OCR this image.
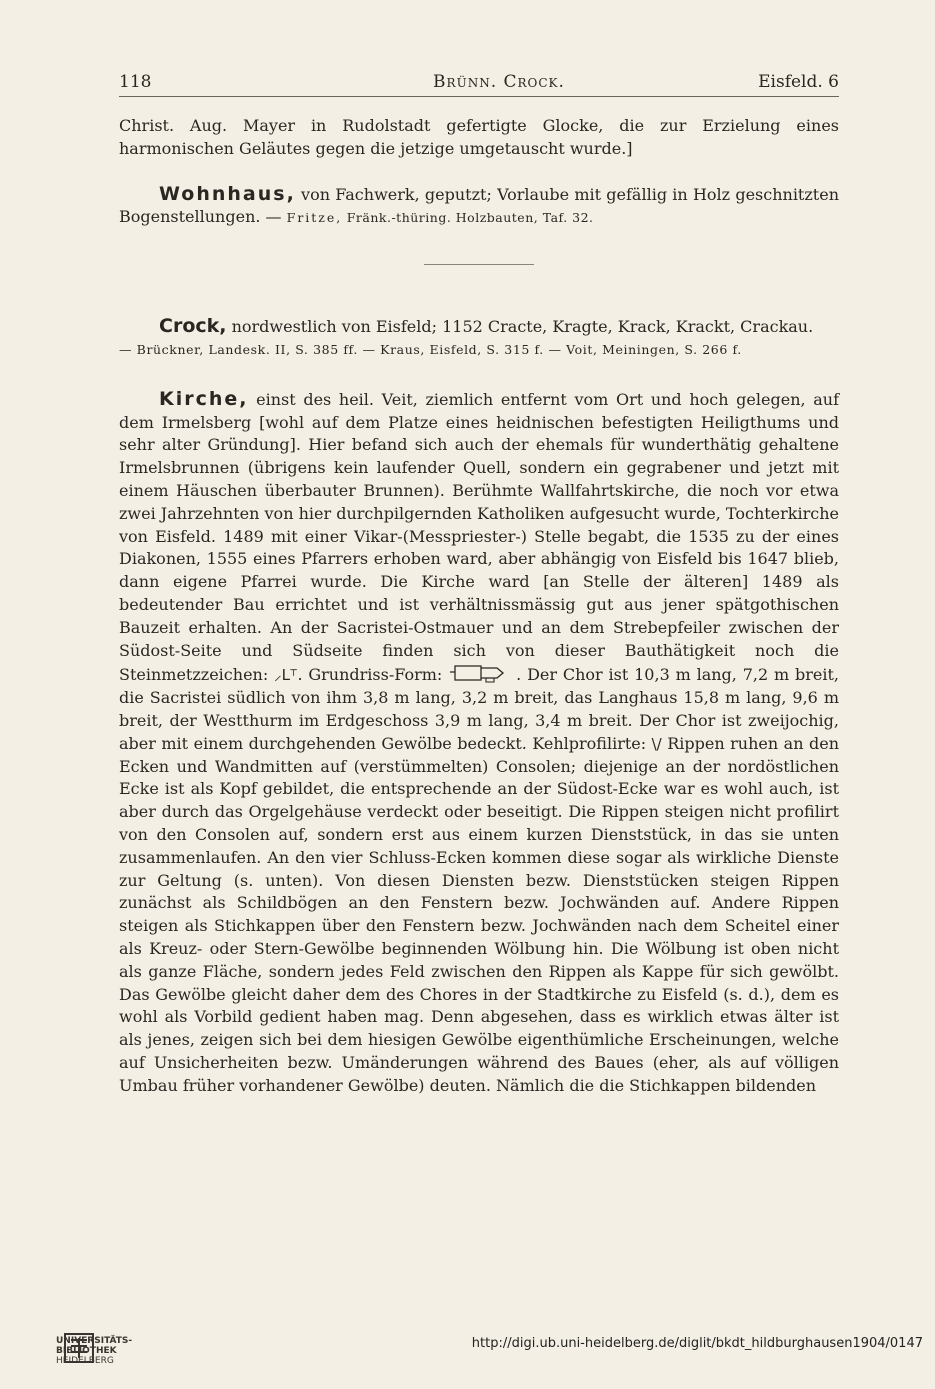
118	Brünn. Crock.	Eisfeld. 6

Christ. Aug. Mayer in Rudolstadt gefertigte Glocke, die zur Erzielung eines harmonischen Geläutes gegen die jetzige umgetauscht wurde.]

Wohnhaus, von Fachwerk, geputzt; Vorlaube mit gefällig in Holz geschnitzten Bogenstellungen. — Fritze, Fränk.-thüring. Holzbauten, Taf. 32.

Crock, nordwestlich von Eisfeld; 1152 Cracte, Kragte, Krack, Krackt, Crackau.

— Brückner, Landesk. II, S. 385 ff. — Kraus, Eisfeld, S. 315 f. — Voit, Meiningen, S. 266 f.

Kirche, einst des heil. Veit, ziemlich entfernt vom Ort und hoch gelegen, auf dem Irmelsberg [wohl auf dem Platze eines heidnischen befestigten Heiligthums und sehr alter Gründung]. Hier befand sich auch der ehemals für wunderthätig gehaltene Irmelsbrunnen (übrigens kein laufender Quell, sondern ein gegrabener und jetzt mit einem Häuschen überbauter Brunnen). Berühmte Wallfahrtskirche, die noch vor etwa zwei Jahrzehnten von hier durchpilgernden Katholiken aufgesucht wurde, Tochterkirche von Eisfeld. 1489 mit einer Vikar-(Messpriester-) Stelle begabt, die 1535 zu der eines Diakonen, 1555 eines Pfarrers erhoben ward, aber abhängig von Eisfeld bis 1647 blieb, dann eigene Pfarrei wurde. Die Kirche ward [an Stelle der älteren] 1489 als bedeutender Bau errichtet und ist verhältnissmässig gut aus jener spätgothischen Bauzeit erhalten. An der Sacristei-Ostmauer und an dem Strebepfeiler zwischen der Südost-Seite und Südseite finden sich von dieser Bauthätigkeit noch die Steinmetzzeichen: ⸝L⸆. Grundriss-Form:	. Der Chor ist 10,3 m lang, 7,2 m breit, die Sacristei südlich von ihm 3,8 m lang, 3,2 m breit, das Langhaus 15,8 m lang, 9,6 m breit, der Westthurm im Erdgeschoss 3,9 m lang, 3,4 m breit. Der Chor ist zweijochig, aber mit einem durchgehenden Gewölbe bedeckt. Kehlprofilirte: \/ Rippen ruhen an den Ecken und Wandmitten auf (verstümmelten) Consolen; diejenige an der nordöstlichen Ecke ist als Kopf gebildet, die entsprechende an der Südost-Ecke war es wohl auch, ist aber durch das Orgelgehäuse verdeckt oder beseitigt. Die Rippen steigen nicht profilirt von den Consolen auf, sondern erst aus einem kurzen Dienststück, in das sie unten zusammenlaufen. An den vier Schluss-Ecken kommen diese sogar als wirkliche Dienste zur Geltung (s. unten). Von diesen Diensten bezw. Dienststücken steigen Rippen zunächst als Schildbögen an den Fenstern bezw. Jochwänden auf. Andere Rippen steigen als Stichkappen über den Fenstern bezw. Jochwänden nach dem Scheitel einer als Kreuz- oder Stern-Gewölbe beginnenden Wölbung hin. Die Wölbung ist oben nicht als ganze Fläche, sondern jedes Feld zwischen den Rippen als Kappe für sich gewölbt. Das Gewölbe gleicht daher dem des Chores in der Stadtkirche zu Eisfeld (s. d.), dem es wohl als Vorbild gedient haben mag. Denn abgesehen, dass es wirklich etwas älter ist als jenes, zeigen sich bei dem hiesigen Gewölbe eigenthümliche Erscheinungen, welche auf Unsicherheiten bezw. Umänderungen während des Baues (eher, als auf völligen Umbau früher vorhandener Gewölbe) deuten. Nämlich die die Stichkappen bildenden

UNIVERSITÄTS-
BIBLIOTHEK
HEIDELBERG
http://digi.ub.uni-heidelberg.de/diglit/bkdt_hildburghausen1904/0147
